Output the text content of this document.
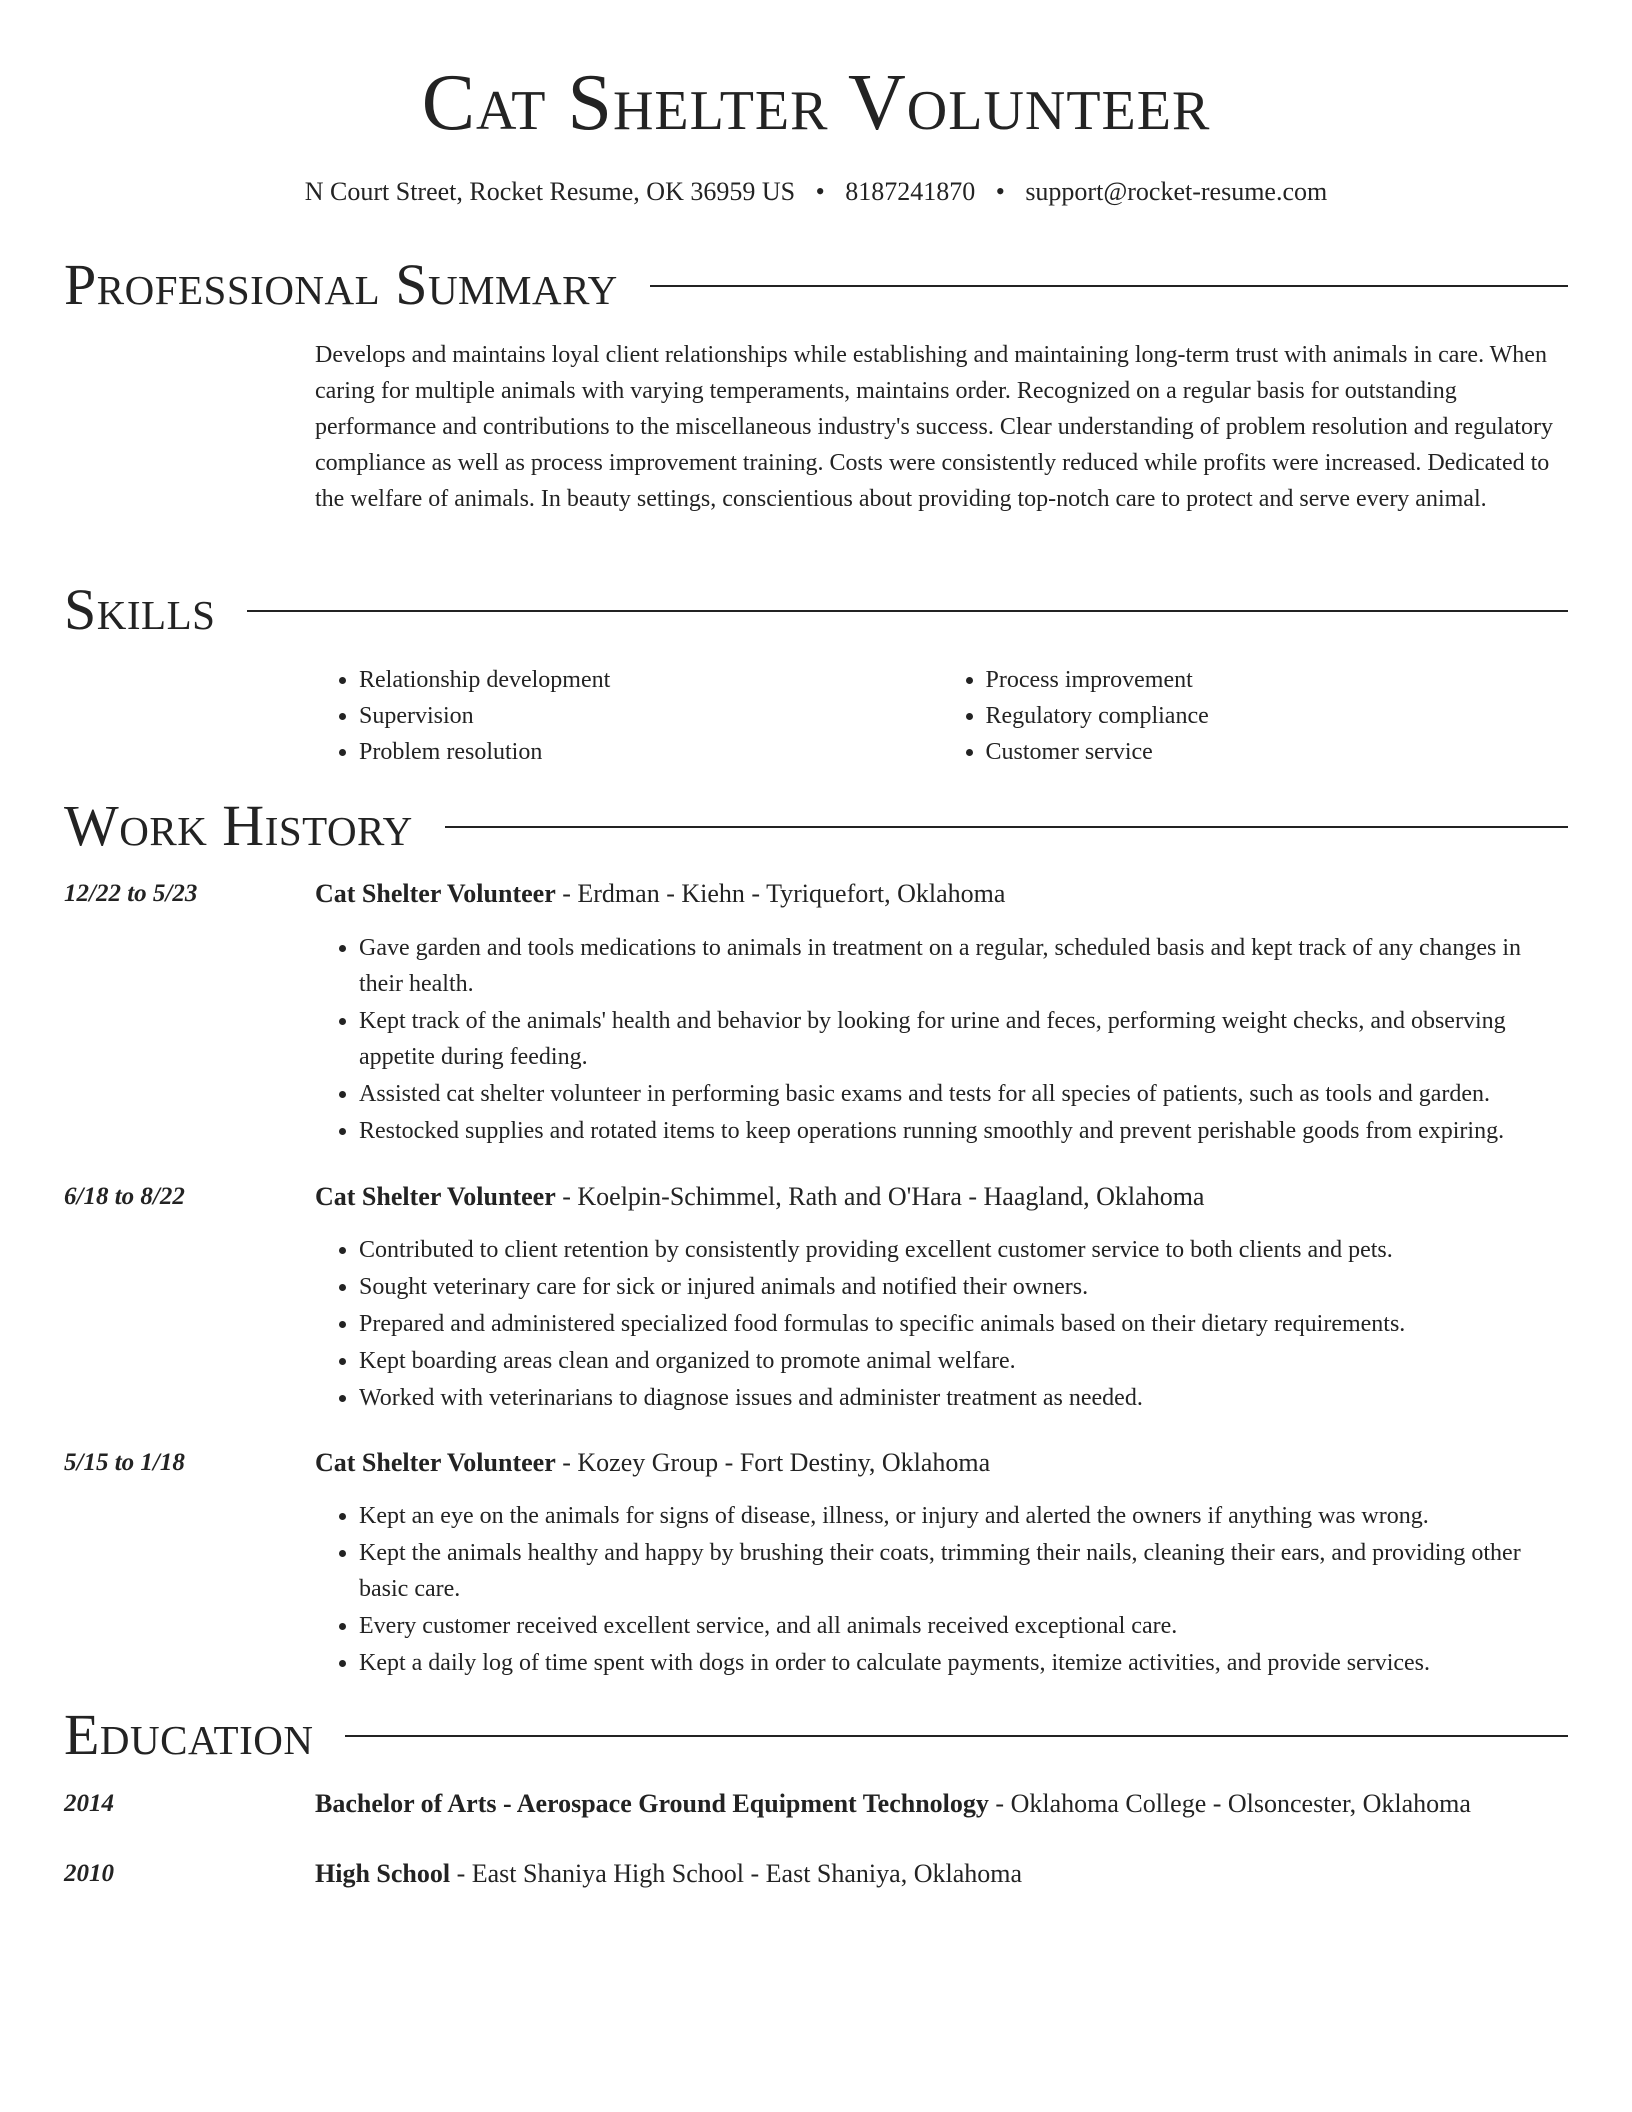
Cat Shelter Volunteer
N Court Street, Rocket Resume, OK 36959 US • 8187241870 • support@rocket-resume.com
Professional Summary

Develops and maintains loyal client relationships while establishing and maintaining long-term trust with animals in care. When caring for multiple animals with varying temperaments, maintains order. Recognized on a regular basis for outstanding performance and contributions to the miscellaneous industry's success. Clear understanding of problem resolution and regulatory compliance as well as process improvement training. Costs were consistently reduced while profits were increased. Dedicated to the welfare of animals. In beauty settings, conscientious about providing top-notch care to protect and serve every animal.

Skills
• Relationship development
• Supervision
• Problem resolution
• Process improvement
• Regulatory compliance
• Customer service
Work History
12/22 to 5/23	Cat Shelter Volunteer - Erdman - Kiehn - Tyriquefort, Oklahoma
• Gave garden and tools medications to animals in treatment on a regular, scheduled basis and kept track of any changes in their health.
• Kept track of the animals' health and behavior by looking for urine and feces, performing weight checks, and observing appetite during feeding.
• Assisted cat shelter volunteer in performing basic exams and tests for all species of patients, such as tools and garden.
• Restocked supplies and rotated items to keep operations running smoothly and prevent perishable goods from expiring.
6/18 to 8/22	Cat Shelter Volunteer - Koelpin-Schimmel, Rath and O'Hara - Haagland, Oklahoma
• Contributed to client retention by consistently providing excellent customer service to both clients and pets.
• Sought veterinary care for sick or injured animals and notified their owners.
• Prepared and administered specialized food formulas to specific animals based on their dietary requirements.
• Kept boarding areas clean and organized to promote animal welfare.
• Worked with veterinarians to diagnose issues and administer treatment as needed.
5/15 to 1/18	Cat Shelter Volunteer - Kozey Group - Fort Destiny, Oklahoma
• Kept an eye on the animals for signs of disease, illness, or injury and alerted the owners if anything was wrong.
• Kept the animals healthy and happy by brushing their coats, trimming their nails, cleaning their ears, and providing other basic care.
• Every customer received excellent service, and all animals received exceptional care.
• Kept a daily log of time spent with dogs in order to calculate payments, itemize activities, and provide services.
Education
2014	Bachelor of Arts - Aerospace Ground Equipment Technology - Oklahoma College - Olsoncester, Oklahoma
2010	High School - East Shaniya High School - East Shaniya, Oklahoma
